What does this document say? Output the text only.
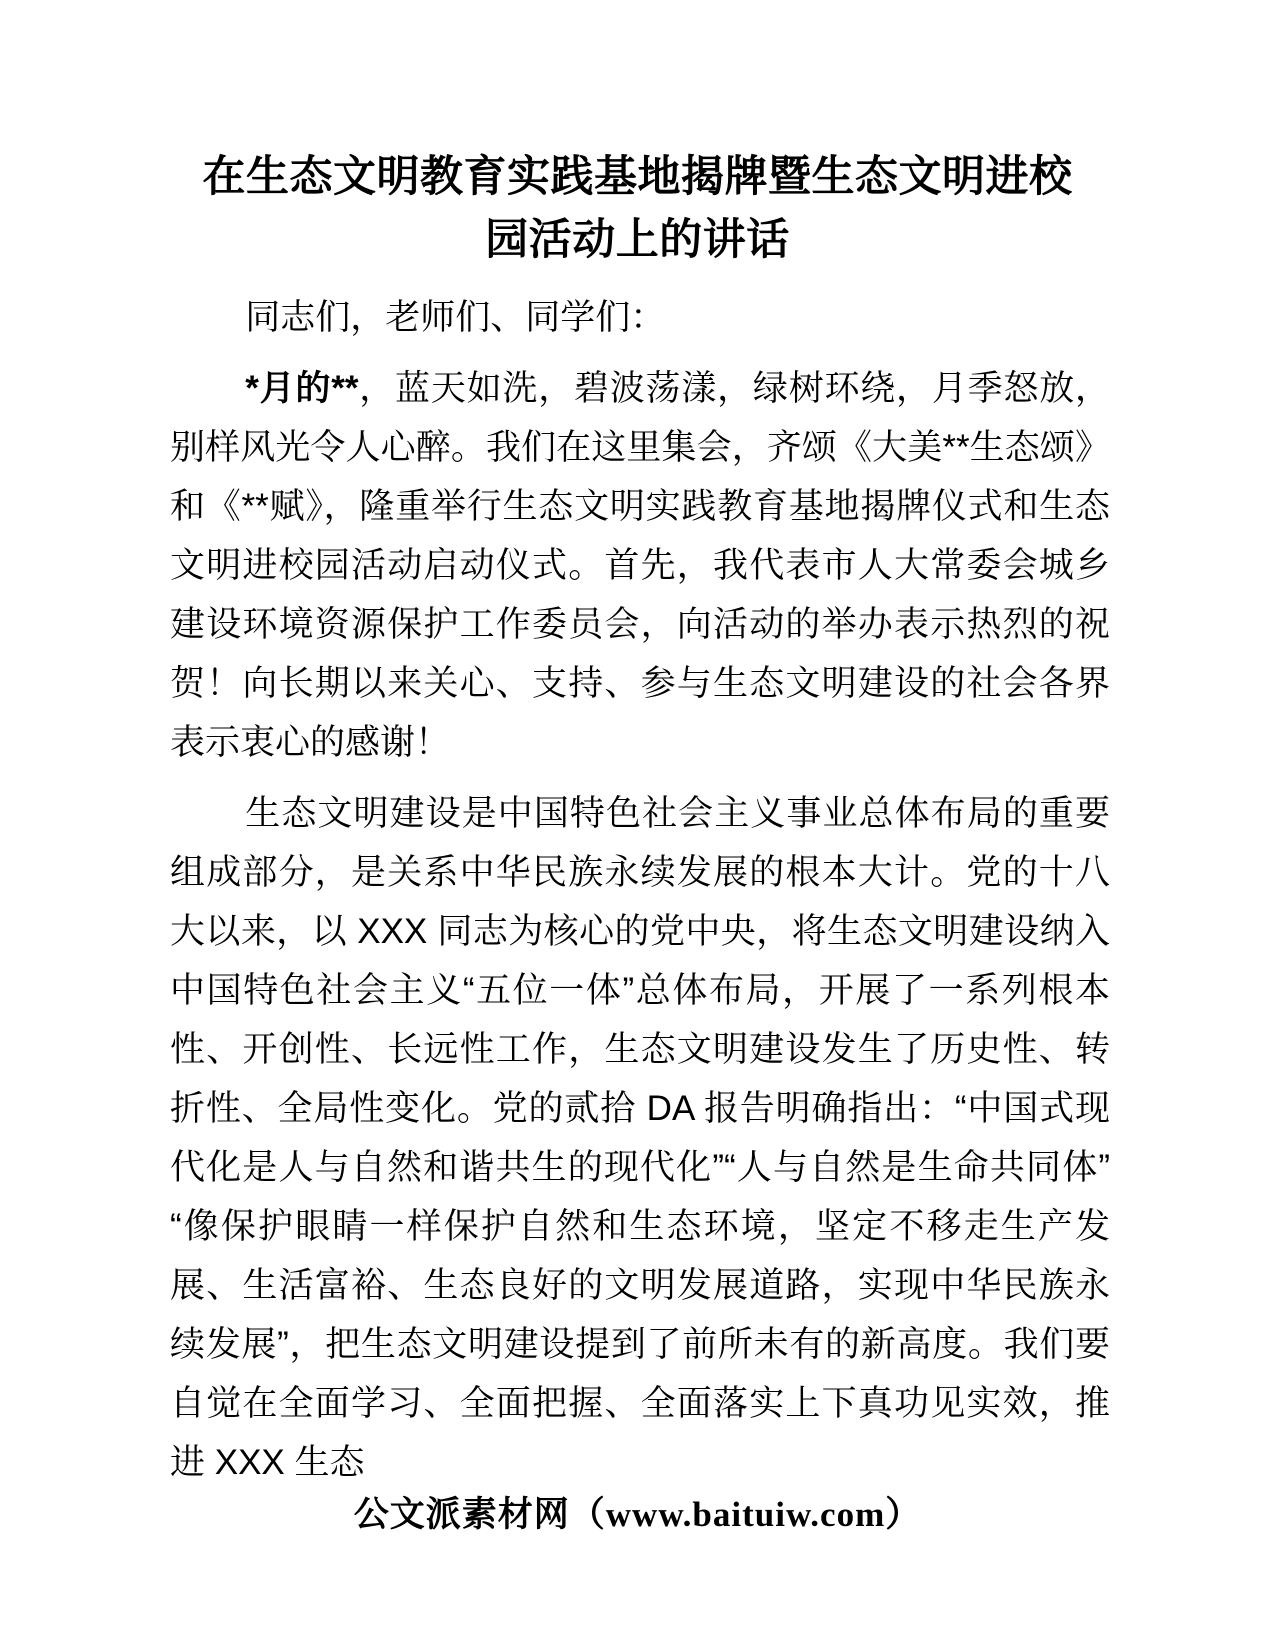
在生态文明教育实践基地揭牌暨生态文明进校园活动上的讲话

同志们，老师们、同学们：

*月的**，蓝天如洗，碧波荡漾，绿树环绕，月季怒放，别样风光令人心醉。我们在这里集会，齐颂《大美**生态颂》和《**赋》，隆重举行生态文明实践教育基地揭牌仪式和生态文明进校园活动启动仪式。首先，我代表市人大常委会城乡建设环境资源保护工作委员会，向活动的举办表示热烈的祝贺！向长期以来关心、支持、参与生态文明建设的社会各界表示衷心的感谢！

生态文明建设是中国特色社会主义事业总体布局的重要组成部分，是关系中华民族永续发展的根本大计。党的十八大以来，以 XXX 同志为核心的党中央，将生态文明建设纳入中国特色社会主义“五位一体”总体布局，开展了一系列根本性、开创性、长远性工作，生态文明建设发生了历史性、转折性、全局性变化。党的贰拾 DA 报告明确指出：“中国式现代化是人与自然和谐共生的现代化”“人与自然是生命共同体”“像保护眼睛一样保护自然和生态环境，坚定不移走生产发展、生活富裕、生态良好的文明发展道路，实现中华民族永续发展”，把生态文明建设提到了前所未有的新高度。我们要自觉在全面学习、全面把握、全面落实上下真功见实效，推进 XXX 生态

公文派素材网（www.baituiw.com）
